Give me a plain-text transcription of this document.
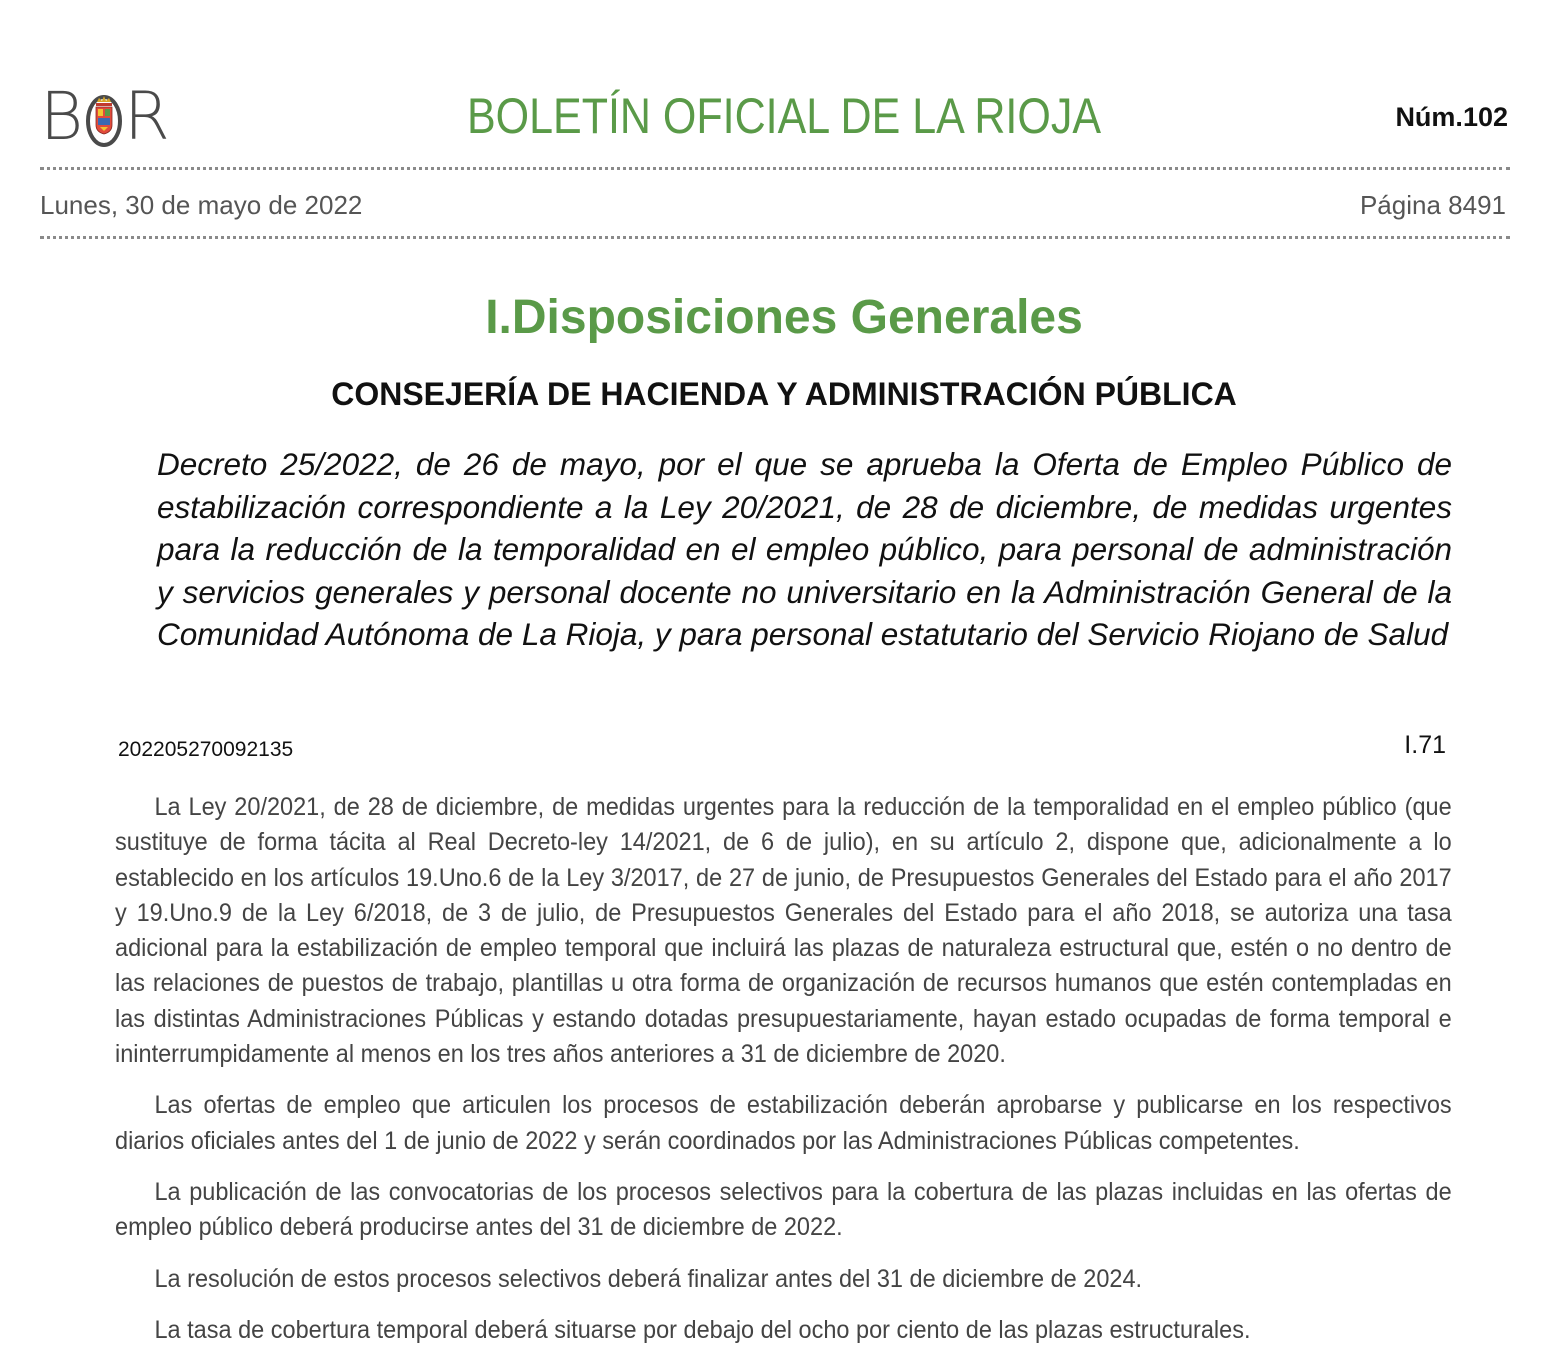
B R	BOLETÍN OFICIAL DE LA RIOJA	Núm.102
Lunes, 30 de mayo de 2022	Página 8491
I.Disposiciones Generales
CONSEJERÍA DE HACIENDA Y ADMINISTRACIÓN PÚBLICA

Decreto 25/2022, de 26 de mayo, por el que se aprueba la Oferta de Empleo Público de estabilización correspondiente a la Ley 20/2021, de 28 de diciembre, de medidas urgentes para la reducción de la temporalidad en el empleo público, para personal de administración y servicios generales y personal docente no universitario en la Administración General de la Comunidad Autónoma de La Rioja, y para personal estatutario del Servicio Riojano de Salud

202205270092135	I.71

La Ley 20/2021, de 28 de diciembre, de medidas urgentes para la reducción de la temporalidad en el empleo público (que sustituye de forma tácita al Real Decreto-ley 14/2021, de 6 de julio), en su artículo 2, dispone que, adicionalmente a lo establecido en los artículos 19.Uno.6 de la Ley 3/2017, de 27 de junio, de Presupuestos Generales del Estado para el año 2017 y 19.Uno.9 de la Ley 6/2018, de 3 de julio, de Presupuestos Generales del Estado para el año 2018, se autoriza una tasa adicional para la estabilización de empleo temporal que incluirá las plazas de naturaleza estructural que, estén o no dentro de las relaciones de puestos de trabajo, plantillas u otra forma de organización de recursos humanos que estén contempladas en las distintas Administraciones Públicas y estando dotadas presupuestariamente, hayan estado ocupadas de forma temporal e ininterrumpidamente al menos en los tres años anteriores a 31 de diciembre de 2020.

Las ofertas de empleo que articulen los procesos de estabilización deberán aprobarse y publicarse en los respectivos diarios oficiales antes del 1 de junio de 2022 y serán coordinados por las Administraciones Públicas competentes.

La publicación de las convocatorias de los procesos selectivos para la cobertura de las plazas incluidas en las ofertas de empleo público deberá producirse antes del 31 de diciembre de 2022.

La resolución de estos procesos selectivos deberá finalizar antes del 31 de diciembre de 2024.

La tasa de cobertura temporal deberá situarse por debajo del ocho por ciento de las plazas estructurales.
